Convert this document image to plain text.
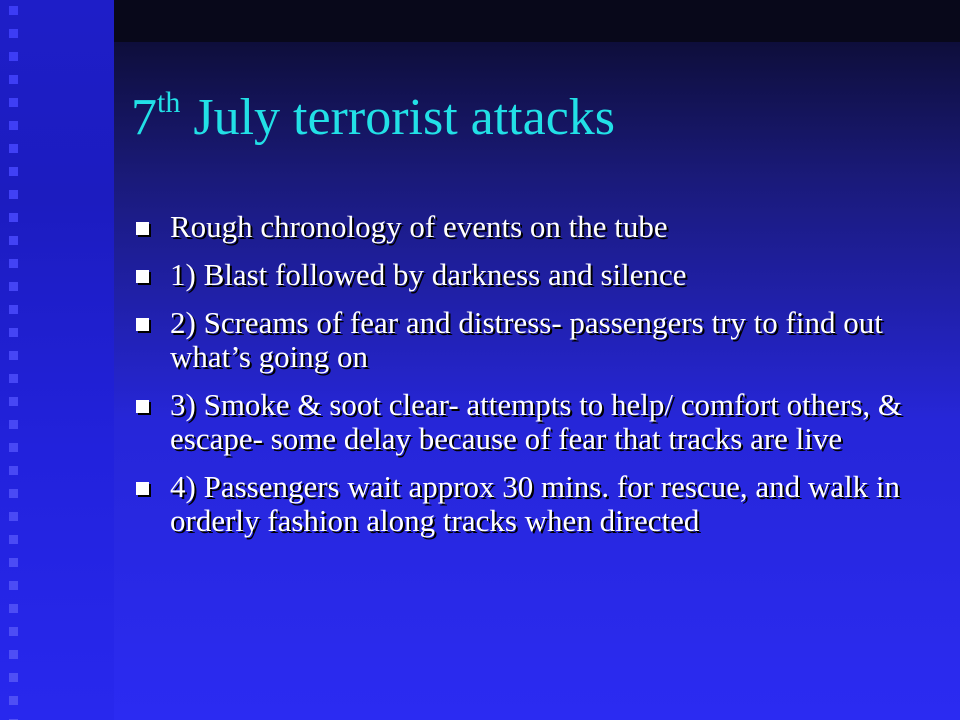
7th July terrorist attacks
Rough chronology of events on the tube
1) Blast followed by darkness and silence
2) Screams of fear and distress- passengers try to find out what’s going on
3) Smoke & soot clear- attempts to help/ comfort others, & escape- some delay because of fear that tracks are live
4) Passengers wait approx 30 mins. for rescue, and walk in orderly fashion along tracks when directed
